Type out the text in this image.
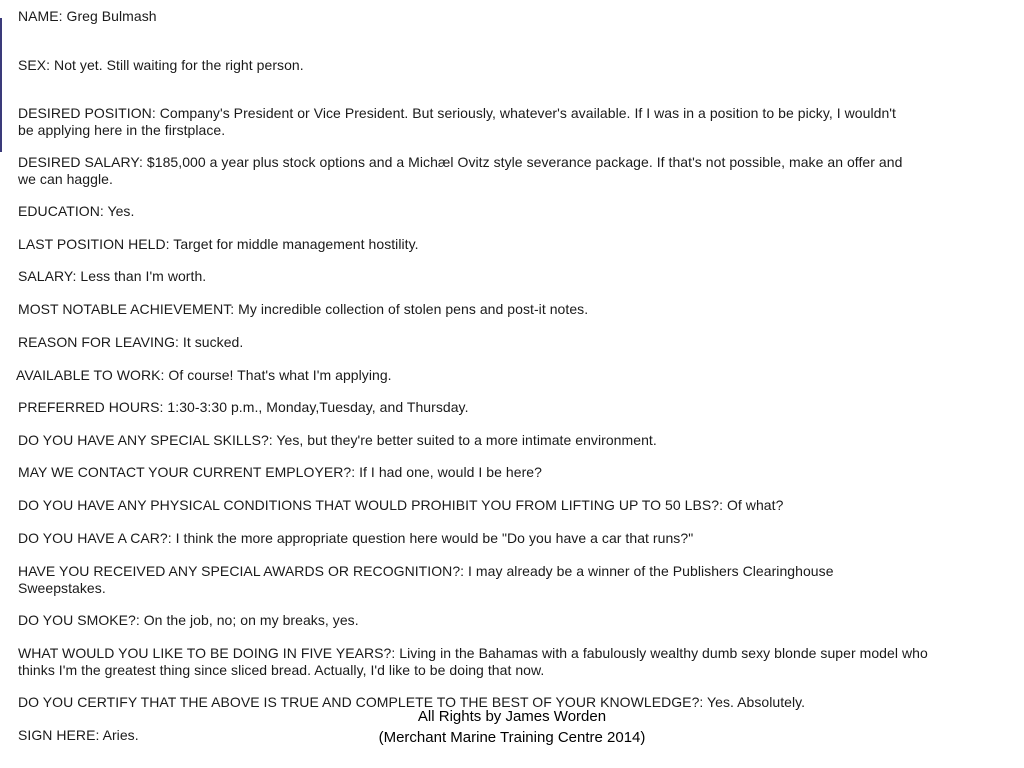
NAME: Greg Bulmash
SEX: Not yet. Still waiting for the right person.
DESIRED POSITION: Company's President or Vice President. But seriously, whatever's available. If I was in a position to be picky, I wouldn't be applying here in the firstplace.
DESIRED SALARY: $185,000 a year plus stock options and a Michæl Ovitz style severance package. If that's not possible, make an offer and we can haggle.
EDUCATION: Yes.
LAST POSITION HELD: Target for middle management hostility.
SALARY: Less than I'm worth.
MOST NOTABLE ACHIEVEMENT: My incredible collection of stolen pens and post-it notes.
REASON FOR LEAVING: It sucked.
AVAILABLE TO WORK: Of course! That's what I'm applying.
PREFERRED HOURS: 1:30-3:30 p.m., Monday,Tuesday, and Thursday.
DO YOU HAVE ANY SPECIAL SKILLS?: Yes, but they're better suited to a more intimate environment.
MAY WE CONTACT YOUR CURRENT EMPLOYER?: If I had one, would I be here?
DO YOU HAVE ANY PHYSICAL CONDITIONS THAT WOULD PROHIBIT YOU FROM LIFTING UP TO 50 LBS?: Of what?
DO YOU HAVE A CAR?: I think the more appropriate question here would be "Do you have a car that runs?"
HAVE YOU RECEIVED ANY SPECIAL AWARDS OR RECOGNITION?: I may already be a winner of the Publishers Clearinghouse Sweepstakes.
DO YOU SMOKE?: On the job, no; on my breaks, yes.
WHAT WOULD YOU LIKE TO BE DOING IN FIVE YEARS?: Living in the Bahamas with a fabulously wealthy dumb sexy blonde super model who thinks I'm the greatest thing since sliced bread. Actually, I'd like to be doing that now.
DO YOU CERTIFY THAT THE ABOVE IS TRUE AND COMPLETE TO THE BEST OF YOUR KNOWLEDGE?: Yes. Absolutely.
SIGN HERE: Aries.
All Rights by James Worden
(Merchant Marine Training Centre 2014)
